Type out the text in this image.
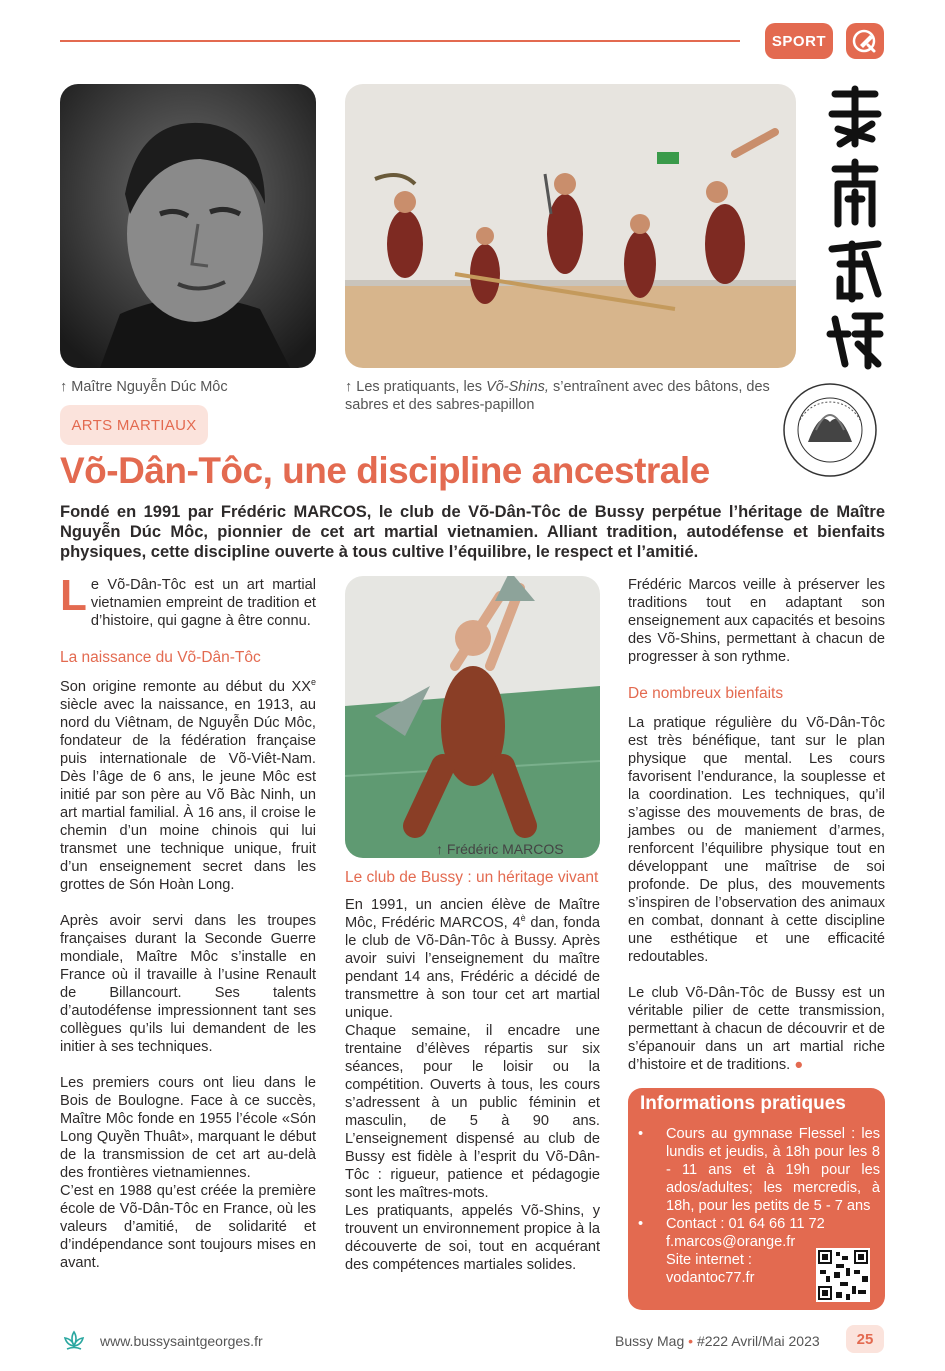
SPORT
↑ Maître Nguyễn Dúc Môc	↑ Les pratiquants, les Võ-Shins, s’entraînent avec des bâtons, des sabres et des sabres-papillon
ARTS MARTIAUX
Võ-Dân-Tôc, une discipline ancestrale
Fondé en 1991 par Frédéric MARCOS, le club de Võ-Dân-Tôc de Bussy perpétue l’héritage de Maître Nguyễn Dúc Môc, pionnier de cet art martial vietnamien. Alliant tradition, autodéfense et bienfaits physiques, cette discipline ouverte à tous cultive l’équilibre, le respect et l’amitié.

Le Võ-Dân-Tôc est un art martial vietnamien empreint de tradition et d’histoire, qui gagne à être connu.

La naissance du Võ-Dân-Tôc

Son origine remonte au début du XXe siècle avec la naissance, en 1913, au nord du Viêtnam, de Nguyễn Dúc Môc, fondateur de la fédération française puis internationale de Võ-Viêt-Nam. Dès l’âge de 6 ans, le jeune Môc est initié par son père au Võ Bàc Ninh, un art martial familial. À 16 ans, il croise le chemin d’un moine chinois qui lui transmet une technique unique, fruit d’un enseignement secret dans les grottes de Són Hoàn Long.

Après avoir servi dans les troupes françaises durant la Seconde Guerre mondiale, Maître Môc s’installe en France où il travaille à l’usine Renault de Billancourt. Ses talents d’autodéfense impressionnent tant ses collègues qu’ils lui demandent de les initier à ses techniques.

Les premiers cours ont lieu dans le Bois de Boulogne. Face à ce succès, Maître Môc fonde en 1955 l’école «Són Long Quyền Thuât», marquant le début de la transmission de cet art au-delà des frontières vietnamiennes.

C’est en 1988 qu’est créée la première école de Võ-Dân-Tôc en France, où les valeurs d’amitié, de solidarité et d’indépendance sont toujours mises en avant.

↑ Frédéric MARCOS
Le club de Bussy : un héritage vivant

En 1991, un ancien élève de Maître Môc, Frédéric MARCOS, $4^è$ dan, fonda le club de Võ-Dân-Tôc à Bussy. Après avoir suivi l’enseignement du maître pendant 14 ans, Frédéric a décidé de transmettre à son tour cet art martial unique.

Chaque semaine, il encadre une trentaine d’élèves répartis sur six séances, pour le loisir ou la compétition. Ouverts à tous, les cours s’adressent à un public féminin et masculin, de 5 à 90 ans. L’enseignement dispensé au club de Bussy est fidèle à l’esprit du Võ-Dân-Tôc : rigueur, patience et pédagogie sont les maîtres-mots.

Les pratiquants, appelés Võ-Shins, y trouvent un environnement propice à la découverte de soi, tout en acquérant des compétences martiales solides.

Frédéric Marcos veille à préserver les traditions tout en adaptant son enseignement aux capacités et besoins des Võ-Shins, permettant à chacun de progresser à son rythme.

De nombreux bienfaits

La pratique régulière du Võ-Dân-Tôc est très bénéfique, tant sur le plan physique que mental. Les cours favorisent l’endurance, la souplesse et la coordination. Les techniques, qu’il s’agisse des mouvements de bras, de jambes ou de maniement d’armes, renforcent l’équilibre physique tout en développant une maîtrise de soi profonde. De plus, des mouvements s’inspiren de l’observation des animaux en combat, donnant à cette discipline une esthétique et une efficacité redoutables.

Le club Võ-Dân-Tôc de Bussy est un véritable pilier de cette transmission, permettant à chacun de découvrir et de s’épanouir dans un art martial riche d’histoire et de traditions. ●

Informations pratiques
• Cours au gymnase Flessel : les lundis et jeudis, à 18h pour les 8 - 11 ans et à 19h pour les ados/adultes; les mercredis, à 18h, pour les petits de 5 - 7 ans
• Contact : 01 64 66 11 72
f.marcos@orange.fr
Site internet :
vodantoc77.fr
www.bussysaintgeorges.fr	Bussy Mag • #222 Avril/Mai 2023	25
